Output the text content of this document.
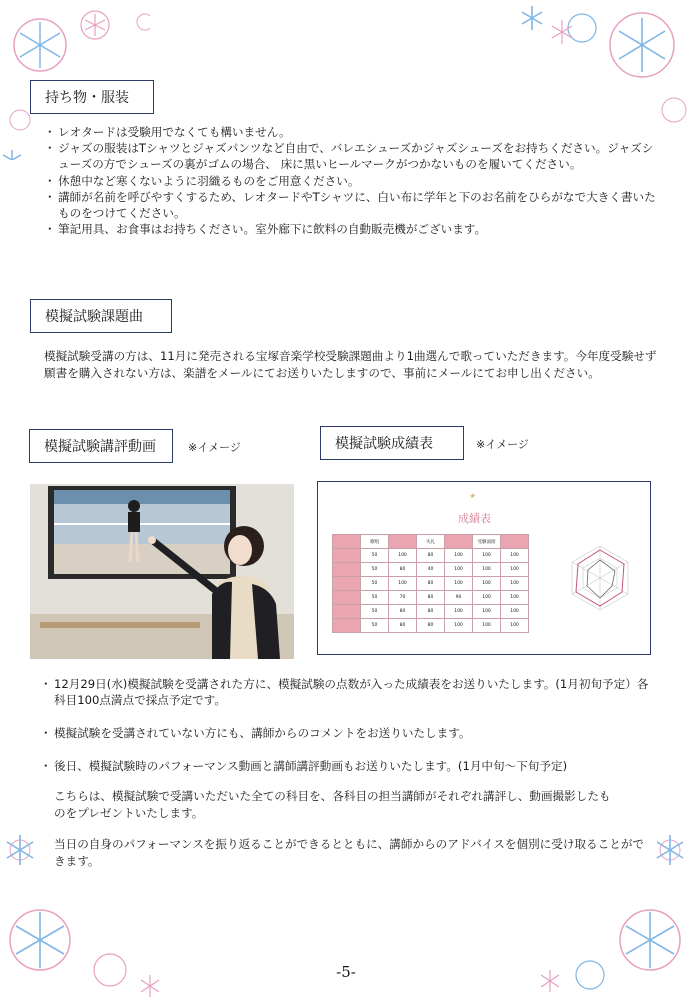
持ち物・服装
・ レオタードは受験用でなくても構いません。
・ ジャズの服装はTシャツとジャズパンツなど自由で、バレエシューズかジャズシューズをお持ちください。ジャズシューズの方でシューズの裏がゴムの場合、 床に黒いヒールマークがつかないものを履いてください。
・ 休憩中など寒くないように羽織るものをご用意ください。
・ 講師が名前を呼びやすくするため、レオタードやTシャツに、白い布に学年と下のお名前をひらがなで大きく書いたものをつけてください。
・ 筆記用具、お食事はお持ちください。室外廊下に飲料の自動販売機がございます。
模擬試験課題曲

模擬試験受講の方は、11月に発売される宝塚音楽学校受験課題曲より1曲選んで歌っていただきます。今年度受験せず願書を購入されない方は、楽譜をメールにてお送りいたしますので、事前にメールにてお申し出ください。

模擬試験講評動画	※イメージ	模擬試験成績表	※イメージ
成績表
✦
	歌唱		失礼		受験面接	
	50	100	80	100	100	100
	50	80	40	100	100	100
	50	100	80	100	100	100
	50	70	80	90	100	100
	50	80	80	100	100	100
	50	80	80	100	100	100
・ 12月29日(水)模擬試験を受講された方に、模擬試験の点数が入った成績表をお送りいたします。(1月初旬予定）各科目100点満点で採点予定です。
・ 模擬試験を受講されていない方にも、講師からのコメントをお送りいたします。
・ 後日、模擬試験時のパフォーマンス動画と講師講評動画もお送りいたします。(1月中旬〜下旬予定)

こちらは、模擬試験で受講いただいた全ての科目を、各科目の担当講師がそれぞれ講評し、動画撮影したものをプレゼントいたします。

当日の自身のパフォーマンスを振り返ることができるとともに、講師からのアドバイスを個別に受け取ることができます。

-5-
